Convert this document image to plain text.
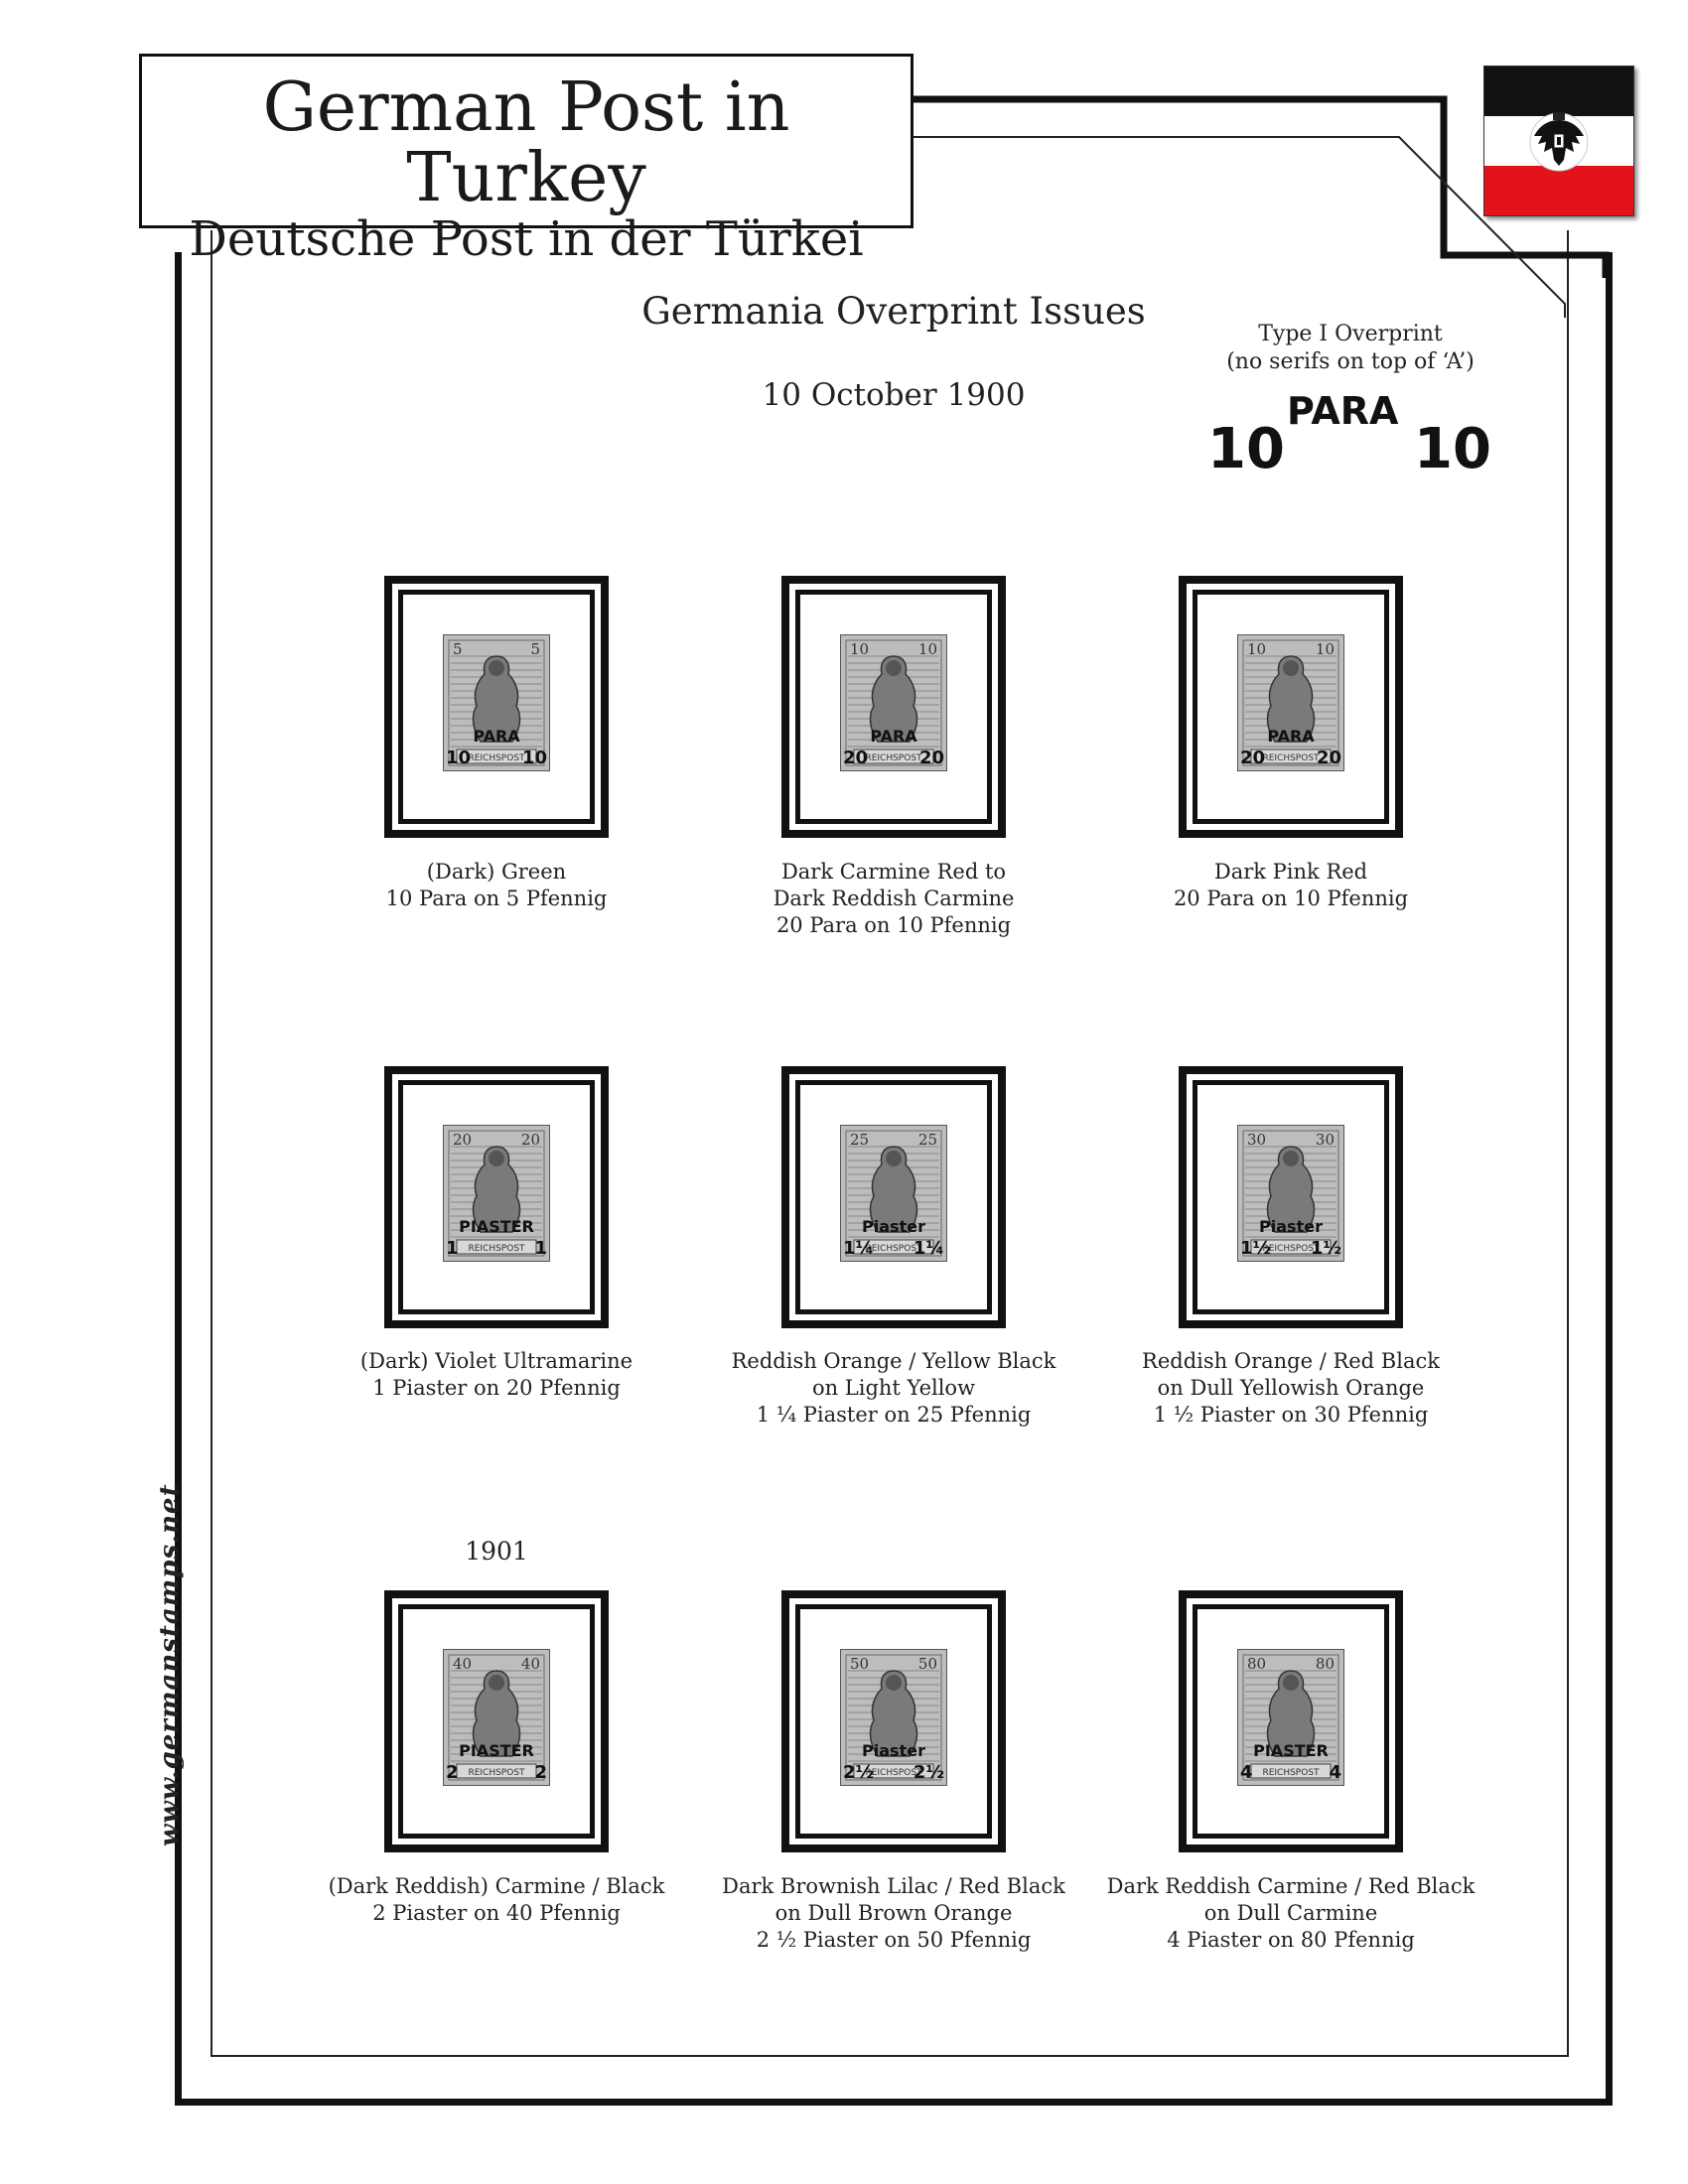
German Post in Turkey
Deutsche Post in der Türkei
Germania Overprint Issues
10 October 1900
Type I Overprint
(no serifs on top of ‘A’)
10
PARA
10
1901
5	5
PARA
REICHSPOST
10	10
(Dark) Green
10 Para on 5 Pfennig
10	10
PARA
REICHSPOST
20	20
Dark Carmine Red to
Dark Reddish Carmine
20 Para on 10 Pfennig
10	10
PARA
REICHSPOST
20	20
Dark Pink Red
20 Para on 10 Pfennig
20	20
PIASTER
REICHSPOST
1	1
(Dark) Violet Ultramarine
1 Piaster on 20 Pfennig
25	25
Piaster
REICHSPOST
1¼ 1¼
Reddish Orange / Yellow Black
on Light Yellow
1 ¼ Piaster on 25 Pfennig
30	30
Piaster
REICHSPOST
1½ 1½
Reddish Orange / Red Black
on Dull Yellowish Orange
1 ½ Piaster on 30 Pfennig
40	40
PIASTER
REICHSPOST
2	2
(Dark Reddish) Carmine / Black
2 Piaster on 40 Pfennig
50	50
Piaster
REICHSPOST
2½ 2½
Dark Brownish Lilac / Red Black
on Dull Brown Orange
2 ½ Piaster on 50 Pfennig
80	80
PIASTER
REICHSPOST
4	4
Dark Reddish Carmine / Red Black
on Dull Carmine
4 Piaster on 80 Pfennig
www.germanstamps.net
